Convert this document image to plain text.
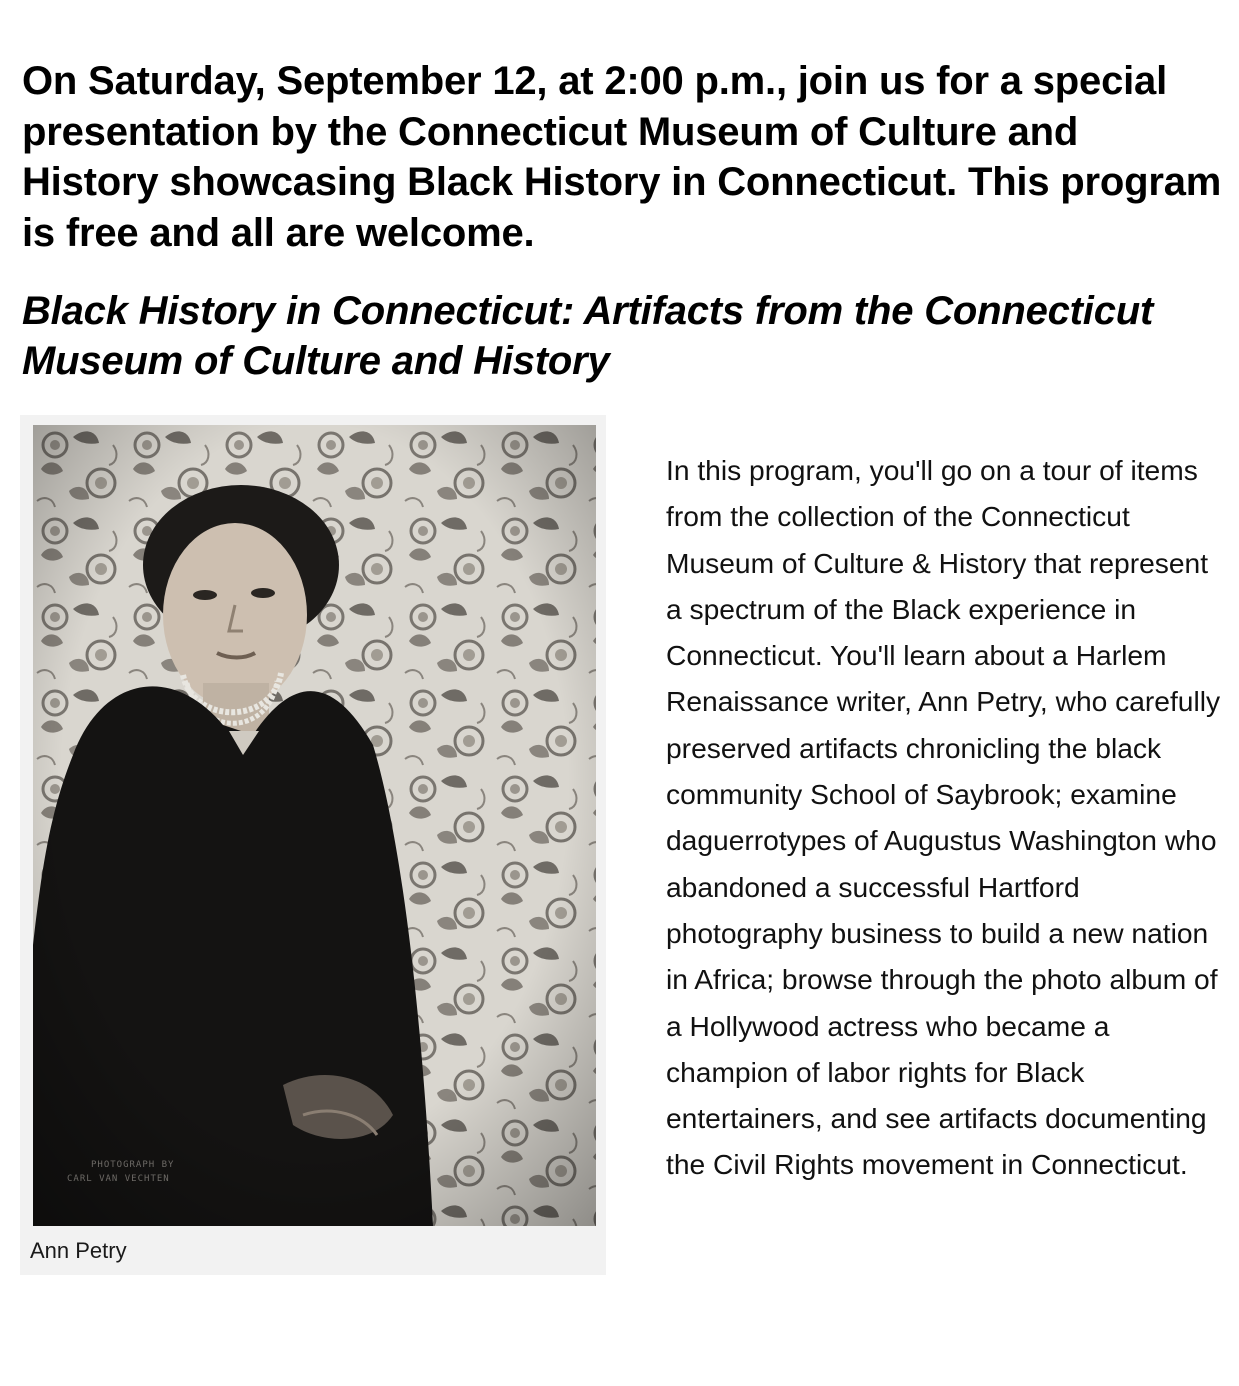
On Saturday, September 12, at 2:00 p.m., join us for a special presentation by the Connecticut Museum of Culture and History showcasing Black History in Connecticut. This program is free and all are welcome.

Black History in Connecticut: Artifacts from the Connecticut Museum of Culture and History

PHOTOGRAPH BY
CARL VAN VECHTEN
Ann Petry

In this program, you'll go on a tour of items from the collection of the Connecticut Museum of Culture & History that represent a spectrum of the Black experience in Connecticut. You'll learn about a Harlem Renaissance writer, Ann Petry, who carefully preserved artifacts chronicling the black community School of Saybrook; examine daguerrotypes of Augustus Washington who abandoned a successful Hartford photography business to build a new nation in Africa; browse through the photo album of a Hollywood actress who became a champion of labor rights for Black entertainers, and see artifacts documenting the Civil Rights movement in Connecticut.
